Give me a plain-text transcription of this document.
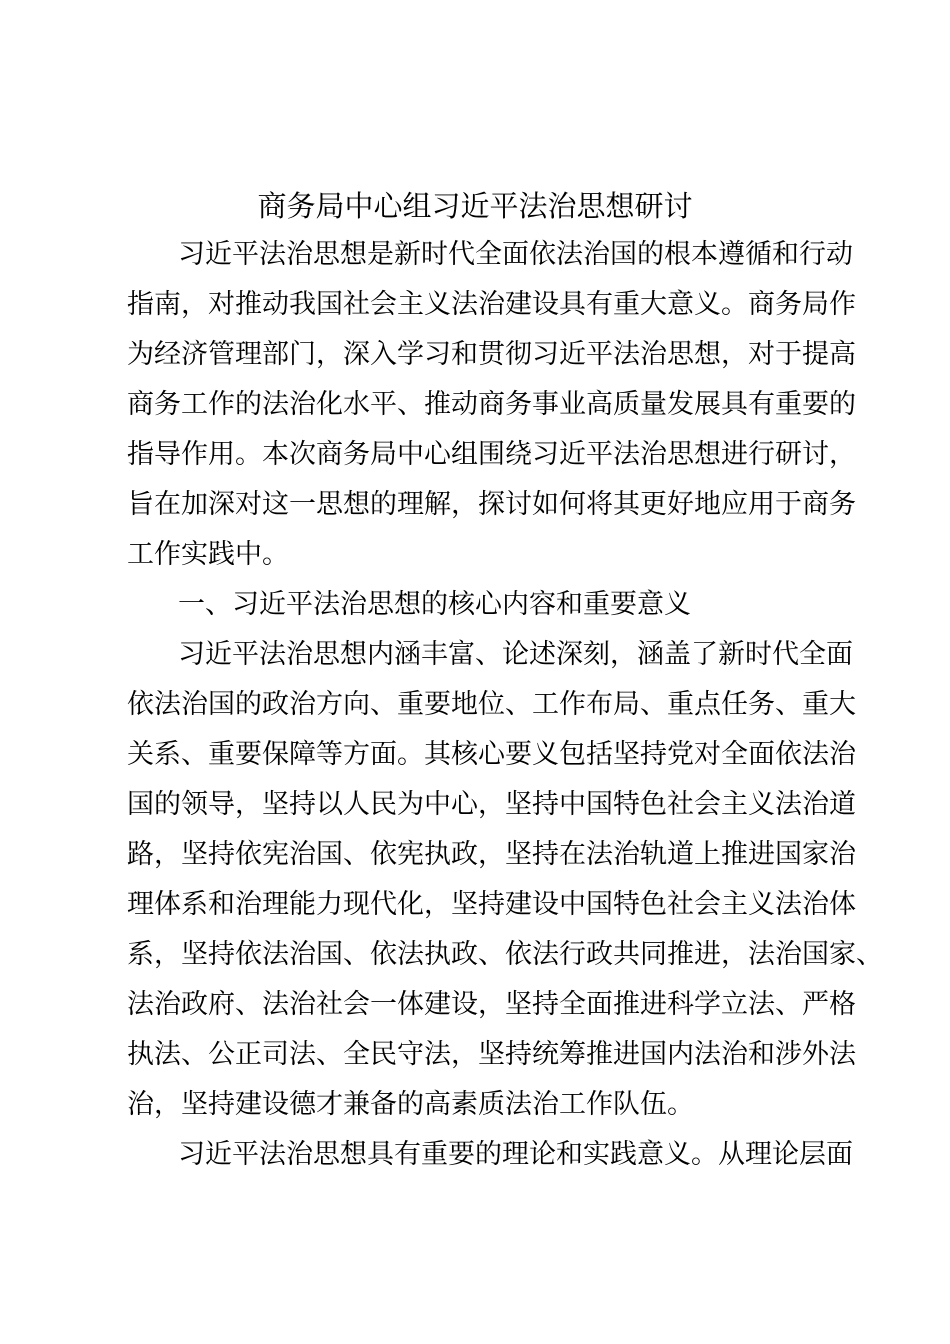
商务局中心组习近平法治思想研讨
习近平法治思想是新时代全面依法治国的根本遵循和行动
指南，对推动我国社会主义法治建设具有重大意义。商务局作
为经济管理部门，深入学习和贯彻习近平法治思想，对于提高
商务工作的法治化水平、推动商务事业高质量发展具有重要的
指导作用。本次商务局中心组围绕习近平法治思想进行研讨，
旨在加深对这一思想的理解，探讨如何将其更好地应用于商务
工作实践中。
一、习近平法治思想的核心内容和重要意义
习近平法治思想内涵丰富、论述深刻，涵盖了新时代全面
依法治国的政治方向、重要地位、工作布局、重点任务、重大
关系、重要保障等方面。其核心要义包括坚持党对全面依法治
国的领导，坚持以人民为中心，坚持中国特色社会主义法治道
路，坚持依宪治国、依宪执政，坚持在法治轨道上推进国家治
理体系和治理能力现代化，坚持建设中国特色社会主义法治体
系，坚持依法治国、依法执政、依法行政共同推进，法治国家、
法治政府、法治社会一体建设，坚持全面推进科学立法、严格
执法、公正司法、全民守法，坚持统筹推进国内法治和涉外法
治，坚持建设德才兼备的高素质法治工作队伍。
习近平法治思想具有重要的理论和实践意义。从理论层面
